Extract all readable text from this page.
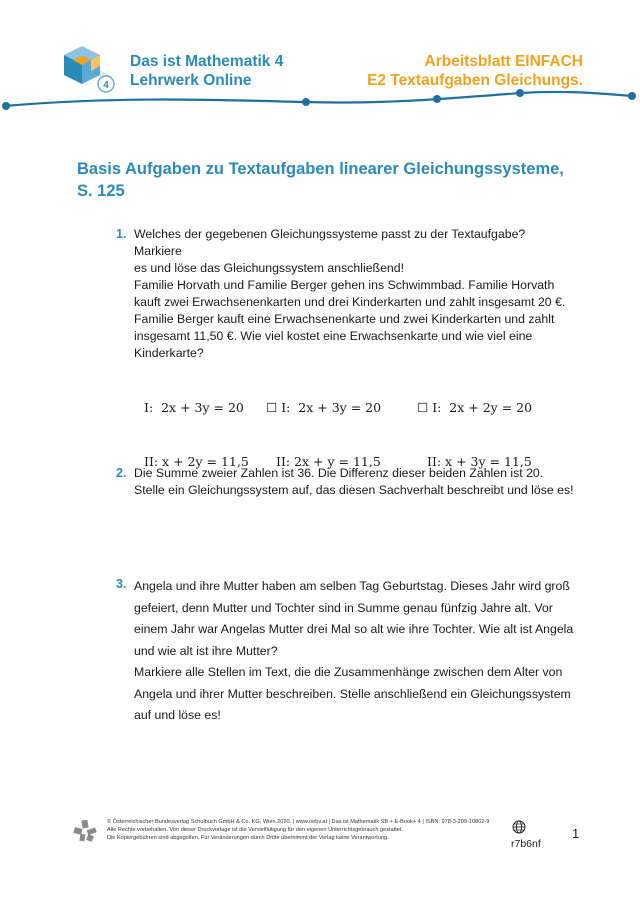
4
Das ist Mathematik 4
Lehrwerk Online
Arbeitsblatt EINFACH
E2 Textaufgaben Gleichungs.
Basis Aufgaben zu Textaufgaben linearer Gleichungssysteme, S. 125
1. Welches der gegebenen Gleichungssysteme passt zu der Textaufgabe? Markiere
es und löse das Gleichungssystem anschließend!
Familie Horvath und Familie Berger gehen ins Schwimmbad. Familie Horvath
kauft zwei Erwachsenenkarten und drei Kinderkarten und zahlt insgesamt 20 €.
Familie Berger kauft eine Erwachsenenkarte und zwei Kinderkarten und zahlt
insgesamt 11,50 €. Wie viel kostet eine Erwachsenkarte und wie viel eine
Kinderkarte?

I:  2x + 3y = 20

II: x + 2y = 11,5

☐ I:  2x + 3y = 20

II: 2x + y = 11,5

☐ I:  2x + 2y = 20

II: x + 3y = 11,5

2. Die Summe zweier Zahlen ist 36. Die Differenz dieser beiden Zahlen ist 20.
Stelle ein Gleichungssystem auf, das diesen Sachverhalt beschreibt und löse es!
3. Angela und ihre Mutter haben am selben Tag Geburtstag. Dieses Jahr wird groß
gefeiert, denn Mutter und Tochter sind in Summe genau fünfzig Jahre alt. Vor
einem Jahr war Angelas Mutter drei Mal so alt wie ihre Tochter. Wie alt ist Angela
und wie alt ist ihre Mutter?
Markiere alle Stellen im Text, die die Zusammenhänge zwischen dem Alter von
Angela und ihrer Mutter beschreiben. Stelle anschließend ein Gleichungssystem
auf und löse es!
© Österreichischer Bundesverlag Schulbuch GmbH & Co. KG, Wien 2020. | www.oebv.at | Das ist Mathematik SB + E-Book+ 4 | ISBN: 978-3-209-10802-9
Alle Rechte vorbehalten. Von dieser Druckvorlage ist die Vervielfältigung für den eigenen Unterrichtsgebrauch gestattet.
Die Kopiergebühren sind abgegolten. Für Veränderungen durch Dritte übernimmt der Verlag keine Verantwortung.	r7b6nf
1
